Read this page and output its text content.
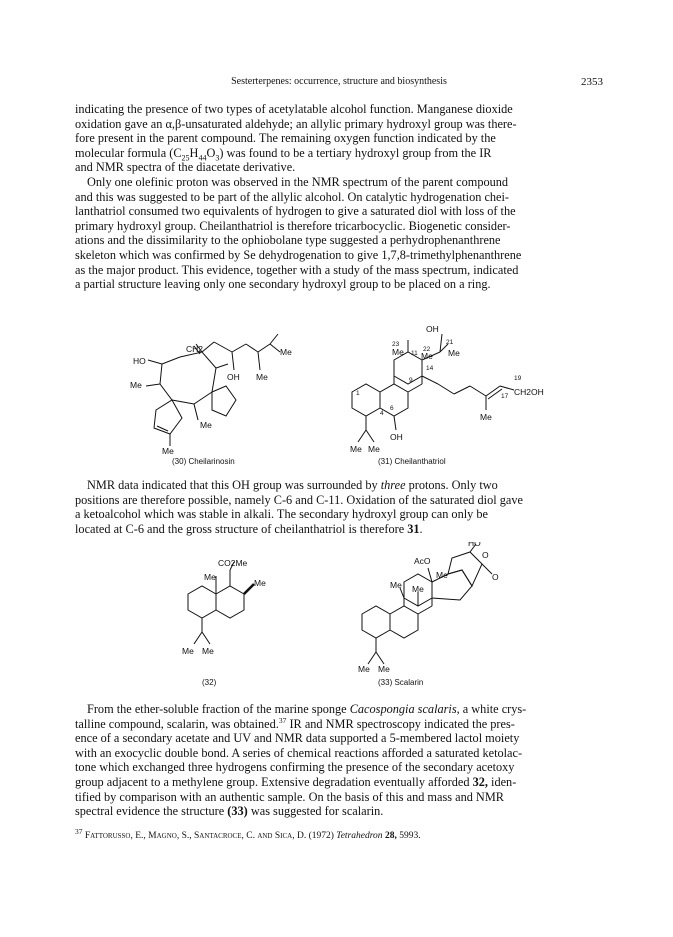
Sesterterpenes: occurrence, structure and biosynthesis	2353

indicating the presence of two types of acetylatable alcohol function. Manganese dioxide
oxidation gave an α,β-unsaturated aldehyde; an allylic primary hydroxyl group was there-
fore present in the parent compound. The remaining oxygen function indicated by the
molecular formula $(C_{25}H_{44}O_3)$ was found to be a tertiary hydroxyl group from the IR
and NMR spectra of the diacetate derivative.

Only one olefinic proton was observed in the NMR spectrum of the parent compound
and this was suggested to be part of the allylic alcohol. On catalytic hydrogenation chei-
lanthatriol consumed two equivalents of hydrogen to give a saturated diol with loss of the
primary hydroxyl group. Cheilanthatriol is therefore tricarbocyclic. Biogenetic consider-
ations and the dissimilarity to the ophiobolane type suggested a perhydrophenanthrene
skeleton which was confirmed by Se dehydrogenation to give 1,7,8-trimethylphenanthrene
as the major product. This evidence, together with a study of the mass spectrum, indicated
a partial structure leaving only one secondary hydroxyl group to be placed on a ring.

CH2	Me
HO
Me
OH Me
Me
Me
OH
21
23
11
22
Me Me Me
14
9	19
17 CH2OH
Me
4
6
Me Me
OH
1
(30) Cheilarinosin	(31) Cheilanthatriol

NMR data indicated that this OH group was surrounded by three protons. Only two
positions are therefore possible, namely C-6 and C-11. Oxidation of the saturated diol gave
a ketoalcohol which was stable in alkali. The secondary hydroxyl group can only be
located at C-6 and the gross structure of cheilanthatriol is therefore 31.

CO2Me
Me
Me
Me Me
HO
AcO
O
O
Me
Me Me
Me Me
(32)	(33) Scalarin

From the ether-soluble fraction of the marine sponge Cacospongia scalaris, a white crys-
talline compound, scalarin, was obtained.$^{37}$ IR and NMR spectroscopy indicated the pres-
ence of a secondary acetate and UV and NMR data supported a 5-membered lactol moiety
with an exocyclic double bond. A series of chemical reactions afforded a saturated ketolac-
tone which exchanged three hydrogens confirming the presence of the secondary acetoxy
group adjacent to a methylene group. Extensive degradation eventually afforded 32, iden-
tified by comparison with an authentic sample. On the basis of this and mass and NMR
spectral evidence the structure (33) was suggested for scalarin.

$^{37}$ Fattorusso, E., Magno, S., Santacroce, C. and Sica, D. (1972) Tetrahedron 28, 5993.
